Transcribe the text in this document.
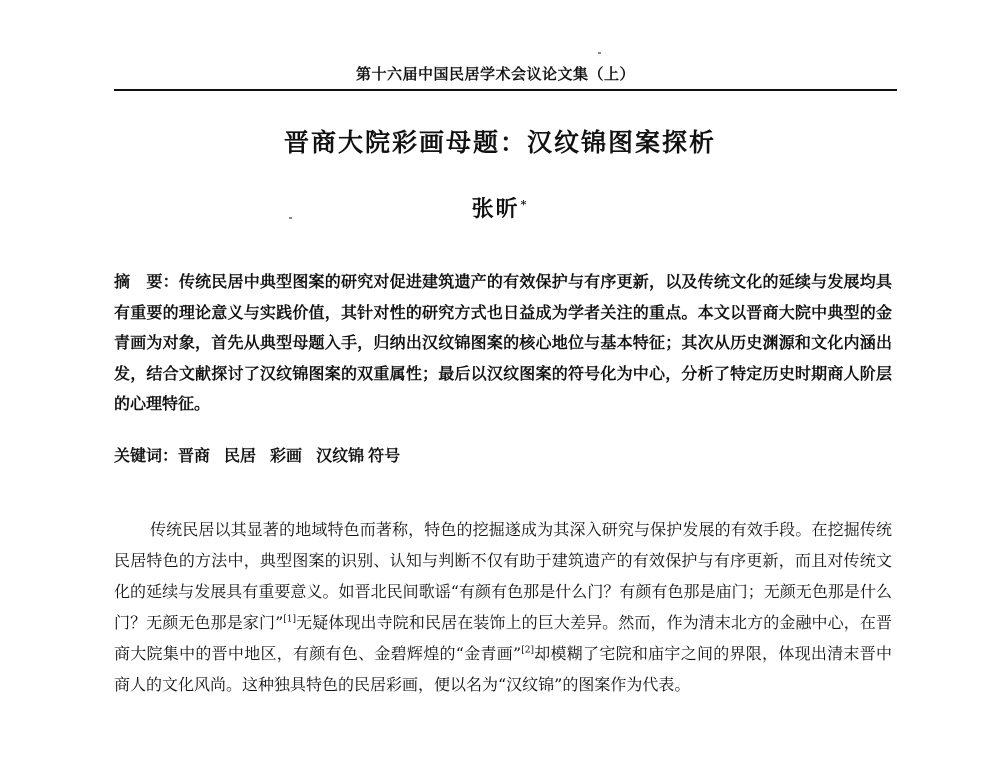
第十六届中国民居学术会议论文集（上）
晋商大院彩画母题：汉纹锦图案探析
张昕*
摘　要：传统民居中典型图案的研究对促进建筑遗产的有效保护与有序更新，以及传统文化的延续与发展均具有重要的理论意义与实践价值，其针对性的研究方式也日益成为学者关注的重点。本文以晋商大院中典型的金青画为对象，首先从典型母题入手，归纳出汉纹锦图案的核心地位与基本特征；其次从历史渊源和文化内涵出发，结合文献探讨了汉纹锦图案的双重属性；最后以汉纹图案的符号化为中心，分析了特定历史时期商人阶层的心理特征。
关键词：晋商 民居 彩画 汉纹锦 符号

传统民居以其显著的地域特色而著称，特色的挖掘遂成为其深入研究与保护发展的有效手段。在挖掘传统民居特色的方法中，典型图案的识别、认知与判断不仅有助于建筑遗产的有效保护与有序更新，而且对传统文化的延续与发展具有重要意义。如晋北民间歌谣“有颜有色那是什么门？有颜有色那是庙门；无颜无色那是什么门？无颜无色那是家门”[1]无疑体现出寺院和民居在装饰上的巨大差异。然而，作为清末北方的金融中心，在晋商大院集中的晋中地区，有颜有色、金碧辉煌的“金青画”[2]却模糊了宅院和庙宇之间的界限，体现出清末晋中商人的文化风尚。这种独具特色的民居彩画，便以名为“汉纹锦”的图案作为代表。
